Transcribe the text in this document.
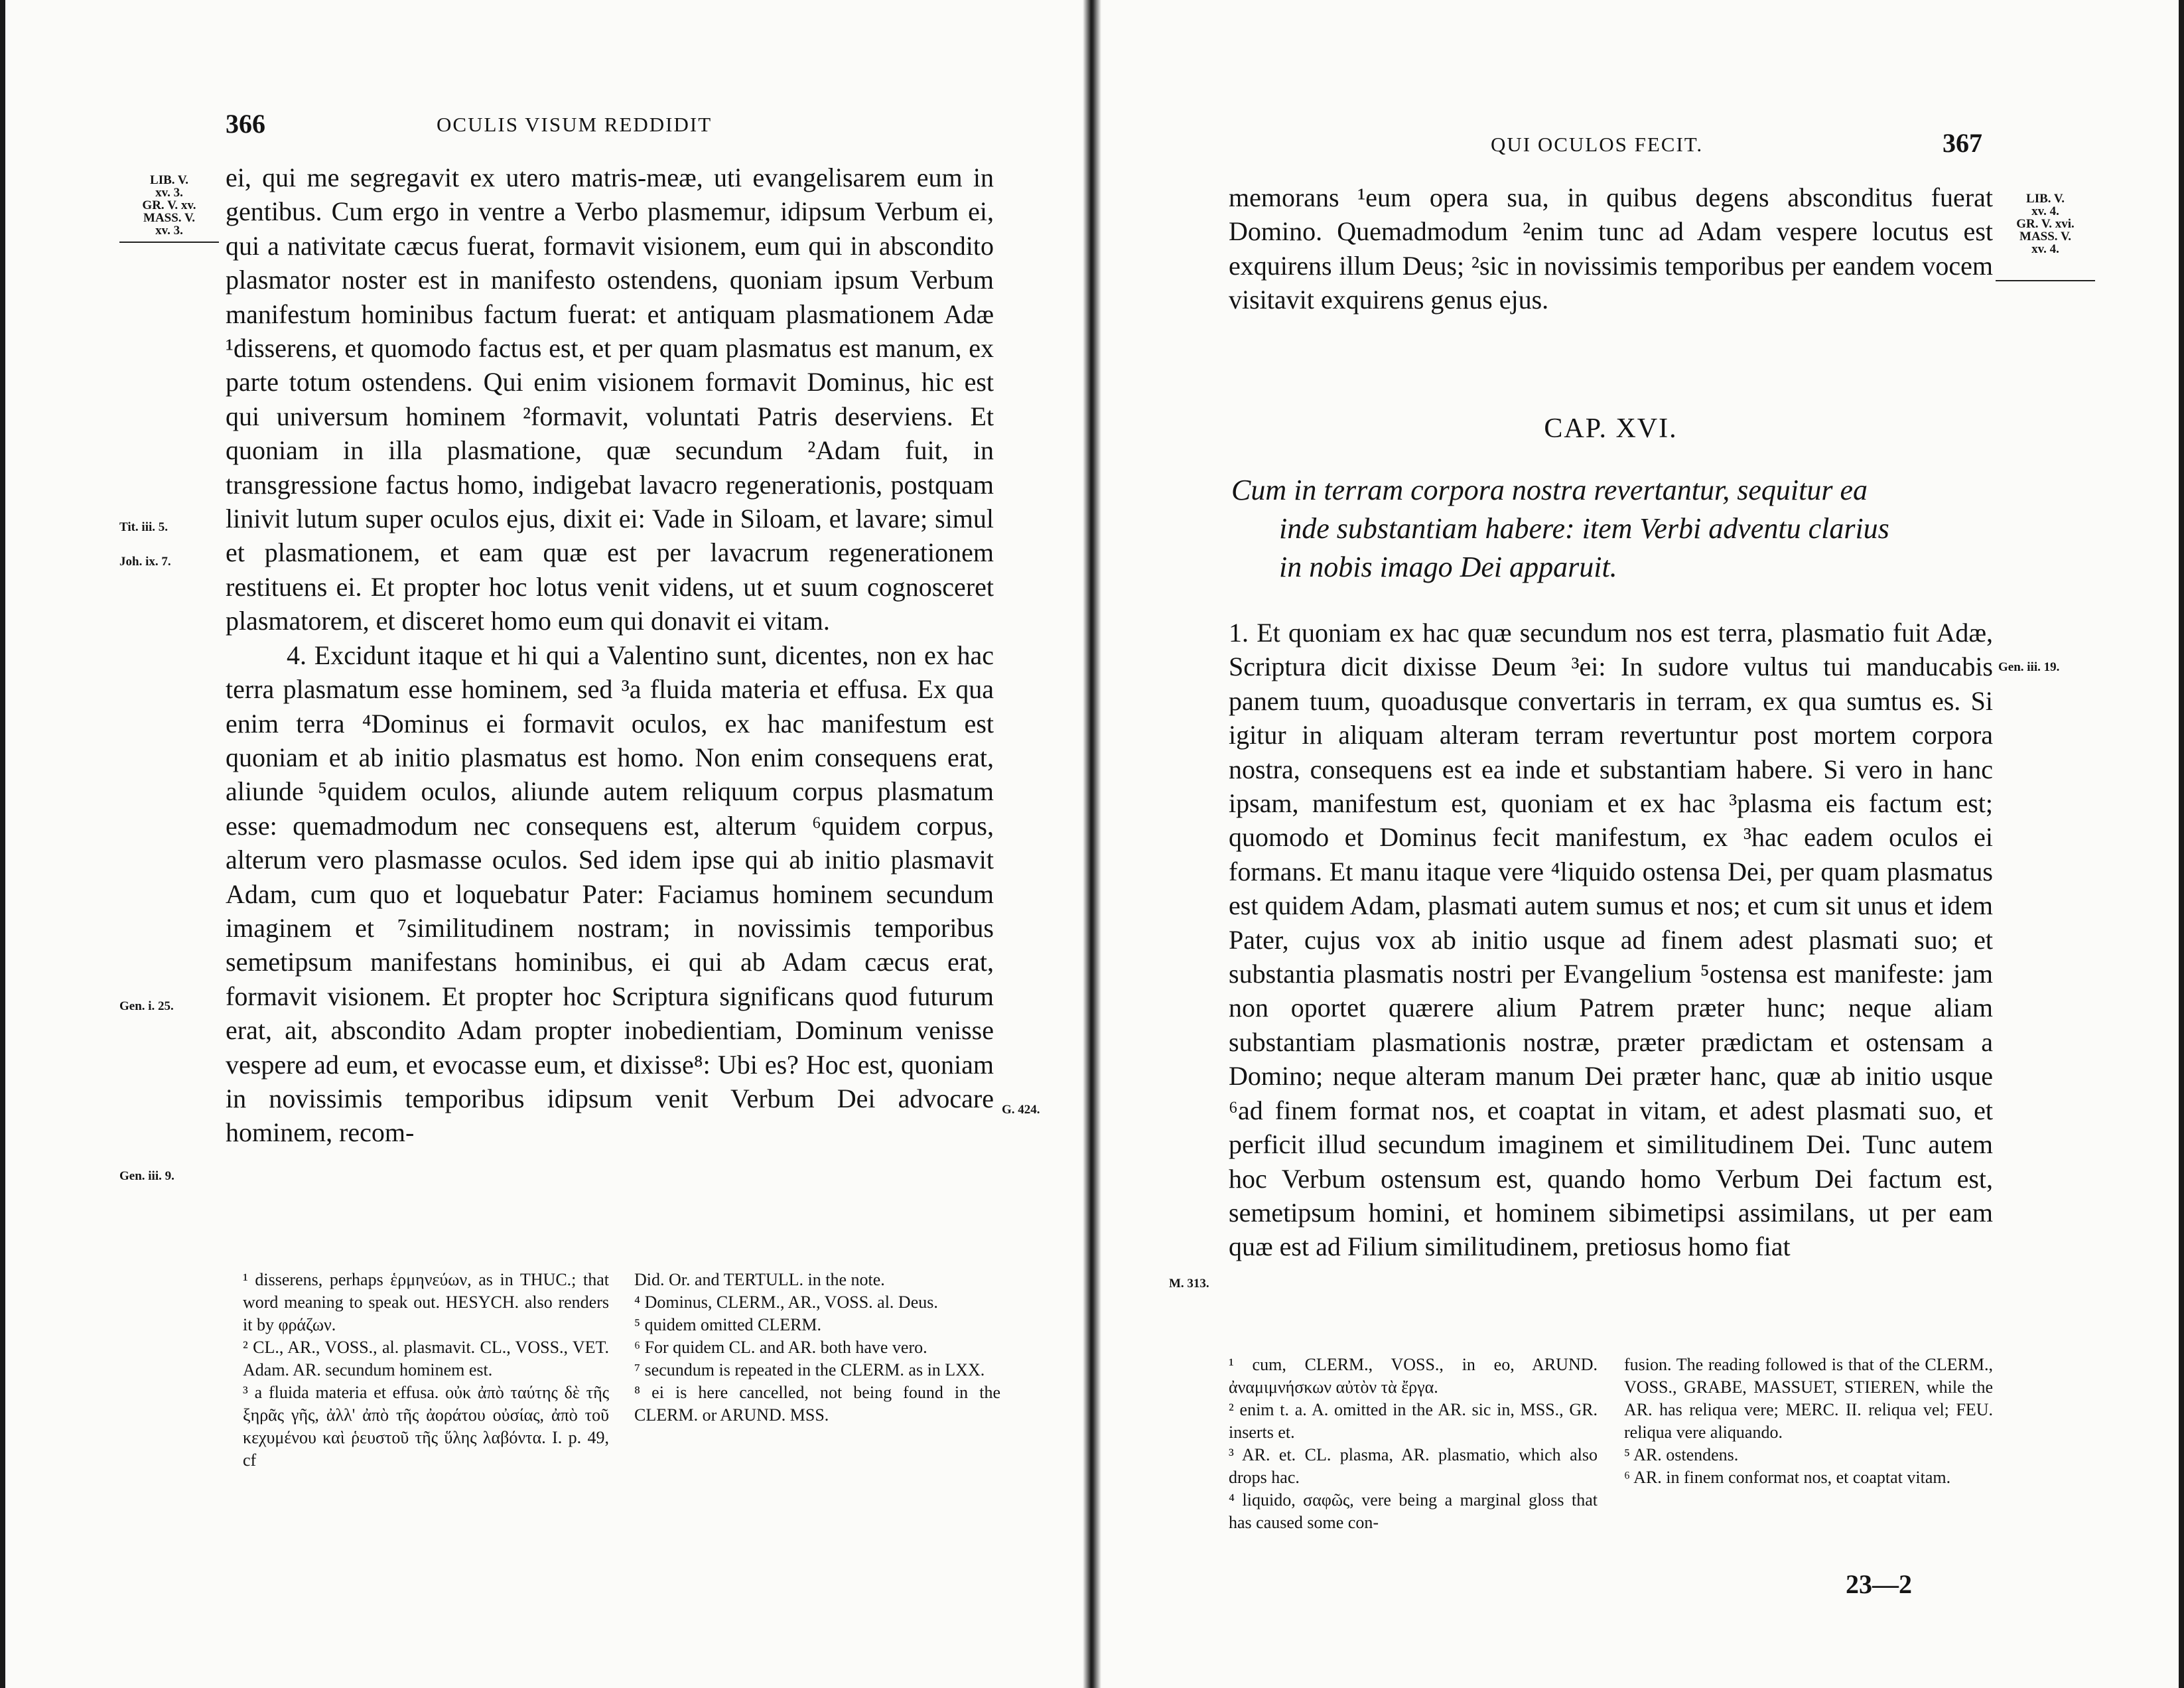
366	OCULIS VISUM REDDIDIT
LIB. V.
xv. 3.
GR. V. xv.
MASS. V.
xv. 3.
Tit. iii. 5.
Joh. ix. 7.
Gen. i. 25.
G. 424.
Gen. iii. 9.

ei, qui me segregavit ex utero matris-meæ, uti evangelisarem eum in gentibus. Cum ergo in ventre a Verbo plasmemur, idipsum Verbum ei, qui a nativitate cæcus fuerat, formavit visionem, eum qui in abscondito plasmator noster est in manifesto ostendens, quoniam ipsum Verbum manifestum hominibus factum fuerat: et antiquam plasmationem Adæ ¹disserens, et quomodo factus est, et per quam plasmatus est manum, ex parte totum ostendens. Qui enim visionem formavit Dominus, hic est qui universum hominem ²formavit, voluntati Patris deserviens. Et quoniam in illa plasmatione, quæ secundum ²Adam fuit, in transgressione factus homo, indigebat lavacro regenerationis, postquam linivit lutum super oculos ejus, dixit ei: Vade in Siloam, et lavare; simul et plasmationem, et eam quæ est per lavacrum regenerationem restituens ei. Et propter hoc lotus venit videns, ut et suum cognosceret plasmatorem, et disceret homo eum qui donavit ei vitam.

4. Excidunt itaque et hi qui a Valentino sunt, dicentes, non ex hac terra plasmatum esse hominem, sed ³a fluida materia et effusa. Ex qua enim terra ⁴Dominus ei formavit oculos, ex hac manifestum est quoniam et ab initio plasmatus est homo. Non enim consequens erat, aliunde ⁵quidem oculos, aliunde autem reliquum corpus plasmatum esse: quemadmodum nec consequens est, alterum ⁶quidem corpus, alterum vero plasmasse oculos. Sed idem ipse qui ab initio plasmavit Adam, cum quo et loquebatur Pater: Faciamus hominem secundum imaginem et ⁷similitudinem nostram; in novissimis temporibus semetipsum manifestans hominibus, ei qui ab Adam cæcus erat, formavit visionem. Et propter hoc Scriptura significans quod futurum erat, ait, abscondito Adam propter inobedientiam, Dominum venisse vespere ad eum, et evocasse eum, et dixisse⁸: Ubi es? Hoc est, quoniam in novissimis temporibus idipsum venit Verbum Dei advocare hominem, recom-

¹ disserens, perhaps ἑρμηνεύων, as in THUC.; that word meaning to speak out. HESYCH. also renders it by φράζων.

² CL., AR., VOSS., al. plasmavit. CL., VOSS., VET. Adam. AR. secundum hominem est.

³ a fluida materia et effusa. οὐκ ἀπὸ ταύτης δὲ τῆς ξηρᾶς γῆς, ἀλλ' ἀπὸ τῆς ἀοράτου οὐσίας, ἀπὸ τοῦ κεχυμένου καὶ ῥευστοῦ τῆς ὕλης λαβόντα. I. p. 49, cf

Did. Or. and TERTULL. in the note.

⁴ Dominus, CLERM., AR., VOSS. al. Deus.

⁵ quidem omitted CLERM.

⁶ For quidem CL. and AR. both have vero.

⁷ secundum is repeated in the CLERM. as in LXX.

⁸ ei is here cancelled, not being found in the CLERM. or ARUND. MSS.

QUI OCULOS FECIT.	367
LIB. V.
xv. 4.
GR. V. xvi.
MASS. V.
xv. 4.

memorans ¹eum opera sua, in quibus degens absconditus fuerat Domino. Quemadmodum ²enim tunc ad Adam vespere locutus est exquirens illum Deus; ²sic in novissimis temporibus per eandem vocem visitavit exquirens genus ejus.

CAP. XVI.
Cum in terram corpora nostra revertantur, sequitur ea
inde substantiam habere: item Verbi adventu clarius
in nobis imago Dei apparuit.
Gen. iii. 19.
M. 313.

1. Et quoniam ex hac quæ secundum nos est terra, plasmatio fuit Adæ, Scriptura dicit dixisse Deum ³ei: In sudore vultus tui manducabis panem tuum, quoadusque convertaris in terram, ex qua sumtus es. Si igitur in aliquam alteram terram revertuntur post mortem corpora nostra, consequens est ea inde et substantiam habere. Si vero in hanc ipsam, manifestum est, quoniam et ex hac ³plasma eis factum est; quomodo et Dominus fecit manifestum, ex ³hac eadem oculos ei formans. Et manu itaque vere ⁴liquido ostensa Dei, per quam plasmatus est quidem Adam, plasmati autem sumus et nos; et cum sit unus et idem Pater, cujus vox ab initio usque ad finem adest plasmati suo; et substantia plasmatis nostri per Evangelium ⁵ostensa est manifeste: jam non oportet quærere alium Patrem præter hunc; neque aliam substantiam plasmationis nostræ, præter prædictam et ostensam a Domino; neque alteram manum Dei præter hanc, quæ ab initio usque ⁶ad finem format nos, et coaptat in vitam, et adest plasmati suo, et perficit illud secundum imaginem et similitudinem Dei. Tunc autem hoc Verbum ostensum est, quando homo Verbum Dei factum est, semetipsum homini, et hominem sibimetipsi assimilans, ut per eam quæ est ad Filium similitudinem, pretiosus homo fiat

¹ cum, CLERM., VOSS., in eo, ARUND. ἀναμιμνήσκων αὐτὸν τὰ ἔργα.

² enim t. a. A. omitted in the AR. sic in, MSS., GR. inserts et.

³ AR. et. CL. plasma, AR. plasmatio, which also drops hac.

⁴ liquido, σαφῶς, vere being a marginal gloss that has caused some con-

fusion. The reading followed is that of the CLERM., VOSS., GRABE, MASSUET, STIEREN, while the AR. has reliqua vere; MERC. II. reliqua vel; FEU. reliqua vere aliquando.

⁵ AR. ostendens.

⁶ AR. in finem conformat nos, et coaptat vitam.

23—2
